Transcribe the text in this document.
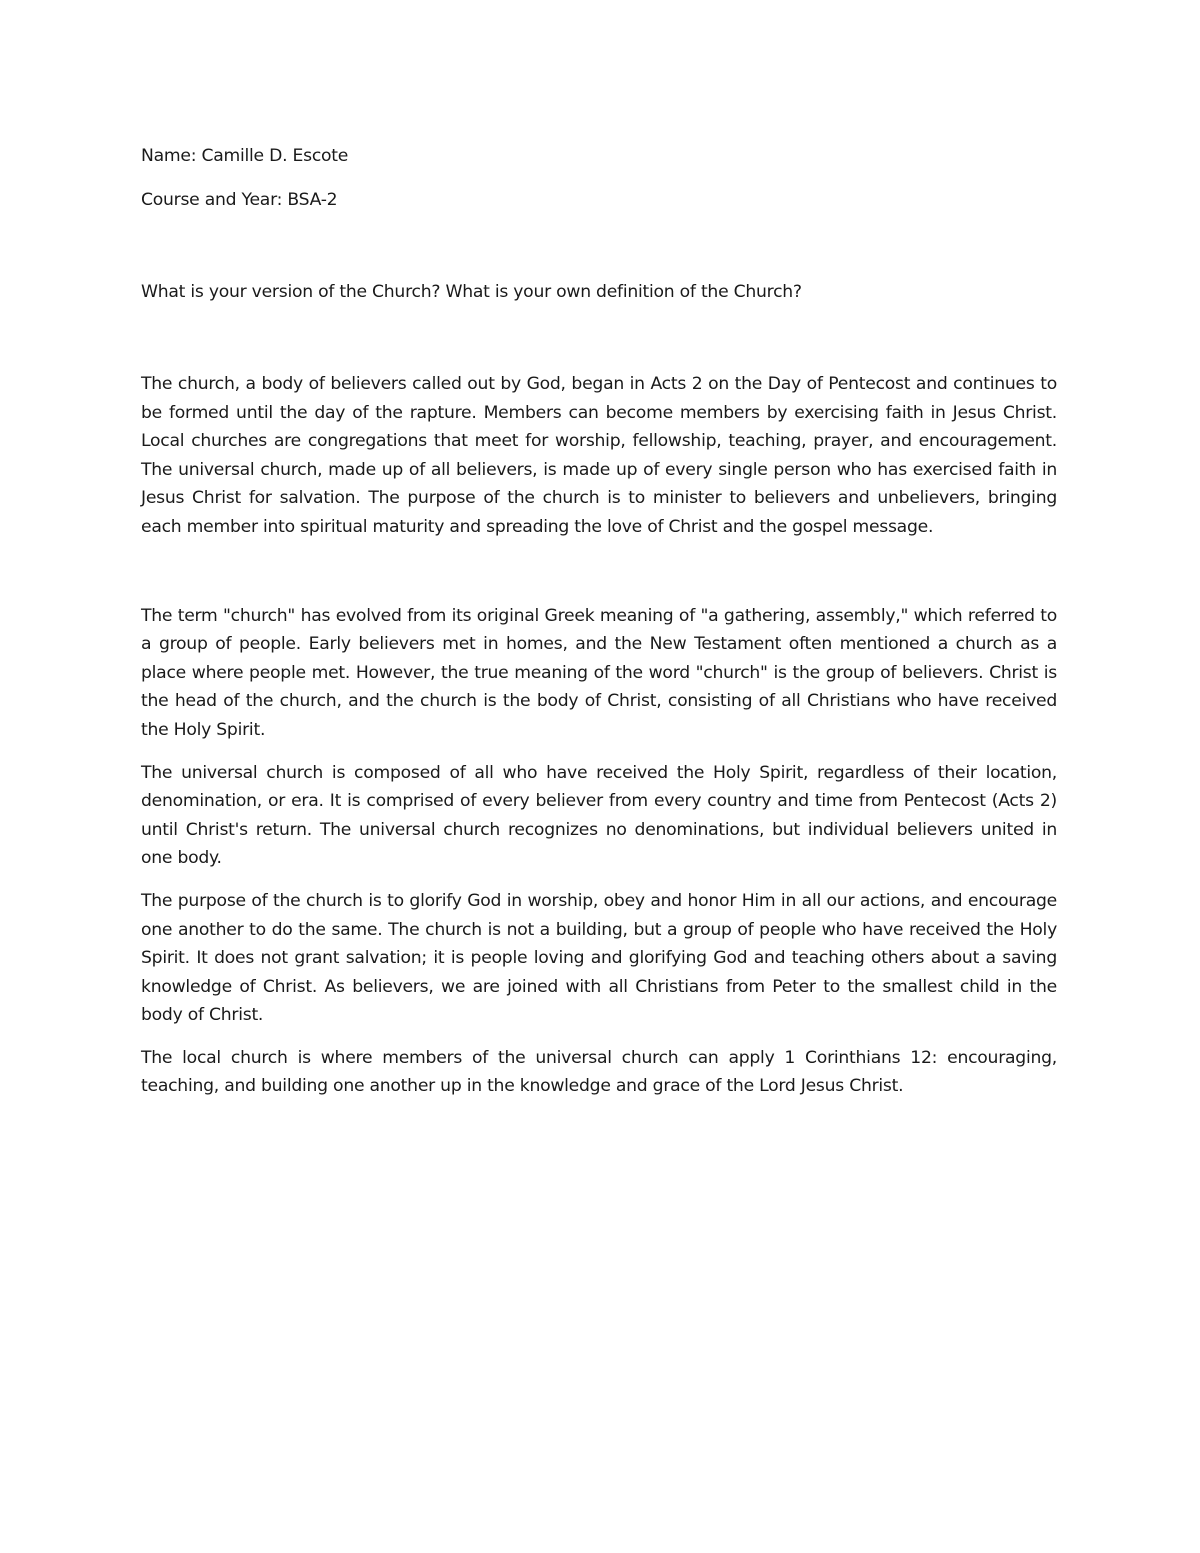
Name: Camille D. Escote

Course and Year: BSA-2

What is your version of the Church? What is your own definition of the Church?

The church, a body of believers called out by God, began in Acts 2 on the Day of Pentecost and continues to be formed until the day of the rapture. Members can become members by exercising faith in Jesus Christ. Local churches are congregations that meet for worship, fellowship, teaching, prayer, and encouragement. The universal church, made up of all believers, is made up of every single person who has exercised faith in Jesus Christ for salvation. The purpose of the church is to minister to believers and unbelievers, bringing each member into spiritual maturity and spreading the love of Christ and the gospel message.

The term "church" has evolved from its original Greek meaning of "a gathering, assembly," which referred to a group of people. Early believers met in homes, and the New Testament often mentioned a church as a place where people met. However, the true meaning of the word "church" is the group of believers. Christ is the head of the church, and the church is the body of Christ, consisting of all Christians who have received the Holy Spirit.

The universal church is composed of all who have received the Holy Spirit, regardless of their location, denomination, or era. It is comprised of every believer from every country and time from Pentecost (Acts 2) until Christ's return. The universal church recognizes no denominations, but individual believers united in one body.

The purpose of the church is to glorify God in worship, obey and honor Him in all our actions, and encourage one another to do the same. The church is not a building, but a group of people who have received the Holy Spirit. It does not grant salvation; it is people loving and glorifying God and teaching others about a saving knowledge of Christ. As believers, we are joined with all Christians from Peter to the smallest child in the body of Christ.

The local church is where members of the universal church can apply 1 Corinthians 12: encouraging, teaching, and building one another up in the knowledge and grace of the Lord Jesus Christ.
